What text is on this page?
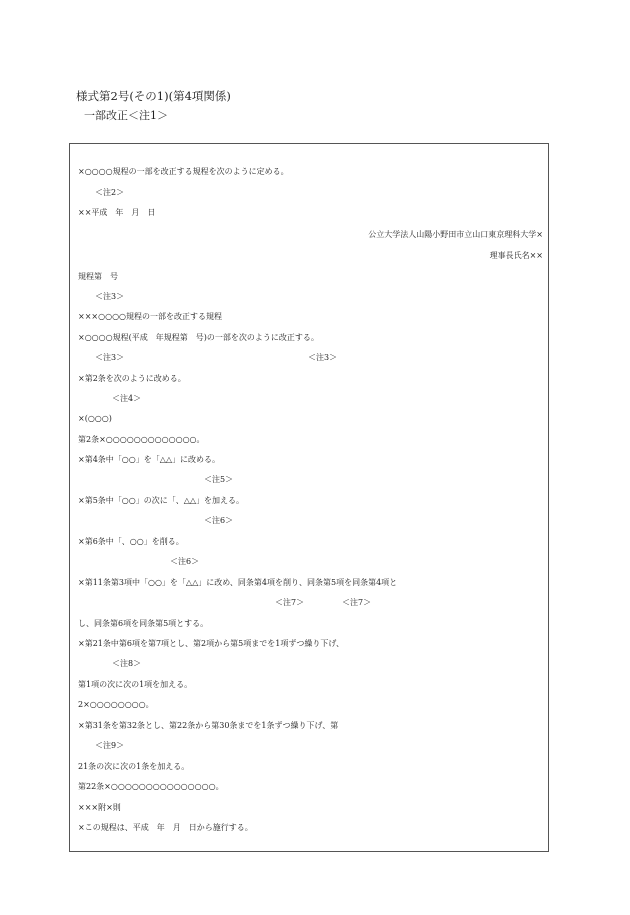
様式第2号(その1)(第4項関係)
一部改正＜注1＞
×○○○○規程の一部を改正する規程を次のように定める。
＜注2＞
××平成　年　月　日
公立大学法人山陽小野田市立山口東京理科大学×
理事長氏名××
規程第　号
＜注3＞
×××○○○○規程の一部を改正する規程
×○○○○規程(平成　年規程第　号)の一部を次のように改正する。
＜注3＞	＜注3＞
×第2条を次のように改める。
＜注4＞
×(○○○)
第2条×○○○○○○○○○○○○○。
×第4条中「○○」を「△△」に改める。
＜注5＞
×第5条中「○○」の次に「、△△」を加える。
＜注6＞
×第6条中「、○○」を削る。
＜注6＞
×第11条第3項中「○○」を「△△」に改め、同条第4項を削り、同条第5項を同条第4項と
＜注7＞	＜注7＞
し、同条第6項を同条第5項とする。
×第21条中第6項を第7項とし、第2項から第5項までを1項ずつ繰り下げ、
＜注8＞
第1項の次に次の1項を加える。
2×○○○○○○○○。
×第31条を第32条とし、第22条から第30条までを1条ずつ繰り下げ、第
＜注9＞
21条の次に次の1条を加える。
第22条×○○○○○○○○○○○○○○○。
×××附×則
×この規程は、平成　年　月　日から施行する。
